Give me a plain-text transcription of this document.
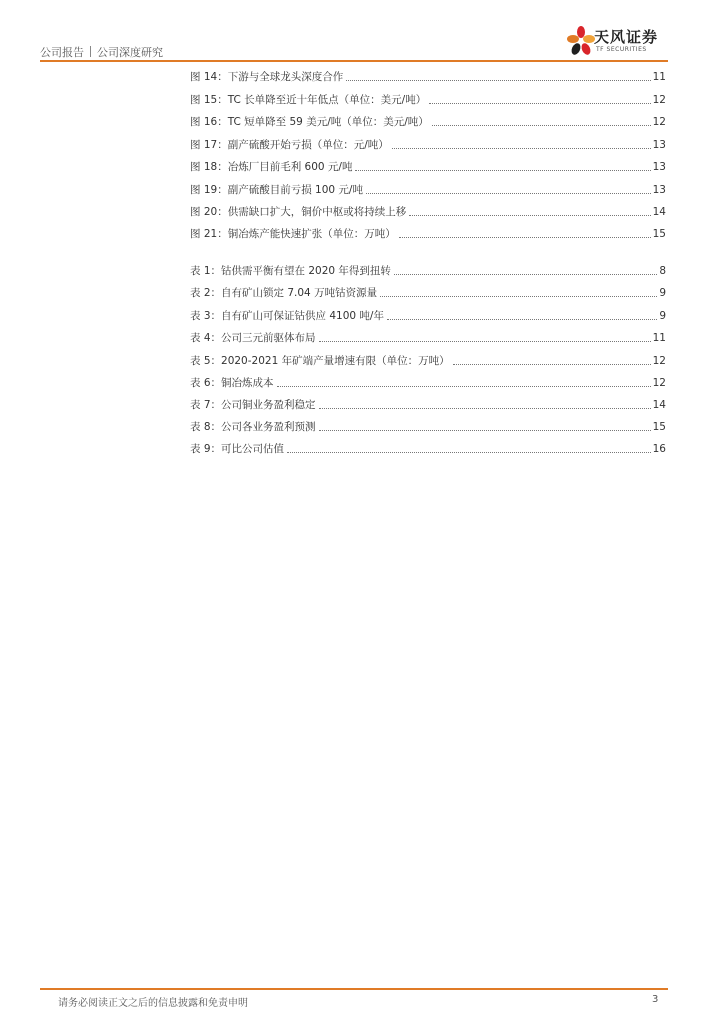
公司报告 公司深度研究
天风证券
TF SECURITIES
图 14：下游与全球龙头深度合作	11
图 15：TC 长单降至近十年低点（单位：美元/吨）	12
图 16：TC 短单降至 59 美元/吨（单位：美元/吨）	12
图 17：副产硫酸开始亏损（单位：元/吨）	13
图 18：冶炼厂目前毛利 600 元/吨	13
图 19：副产硫酸目前亏损 100 元/吨	13
图 20：供需缺口扩大，铜价中枢或将持续上移	14
图 21：铜冶炼产能快速扩张（单位：万吨）	15
表 1：钴供需平衡有望在 2020 年得到扭转	8
表 2：自有矿山锁定 7.04 万吨钴资源量	9
表 3：自有矿山可保证钴供应 4100 吨/年	9
表 4：公司三元前驱体布局	11
表 5：2020-2021 年矿端产量增速有限（单位：万吨）	12
表 6：铜冶炼成本	12
表 7：公司铜业务盈利稳定	14
表 8：公司各业务盈利预测	15
表 9：可比公司估值	16
请务必阅读正文之后的信息披露和免责申明	3
